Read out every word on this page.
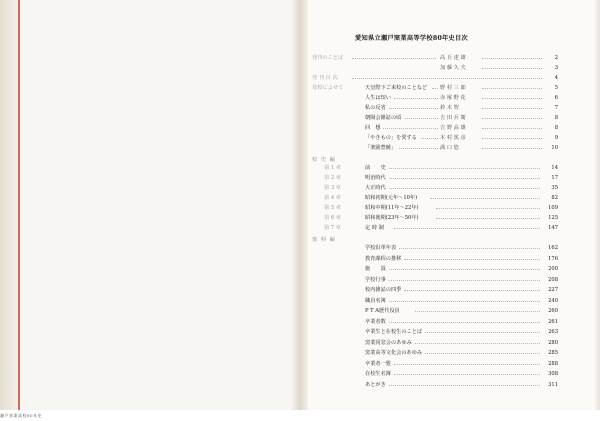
瀬戸窯業高校80年史
愛知県立瀬戸窯業高等学校80年史目次
発刊のことば	高 丘 達 雄	2
加 藤 久 夫	3
発 刊 目 次	4
母校によせて	天皇陛下ご来校のことなど 野 村 三 郎	5
人生は短い	赤 塚 野 花	6
私の反省	鈴 木 智	7
朝陽会雑誌の頃	吉 田 兵 衛	8
回　想	吉 野 高 雄	8
「やきもの」を愛する	木 村 篤 彦	9
「楽園豊饒」	満 口 悠	10
校 史 編
第 1 章	前　　史	14
第 2 章	明治時代	17
第 3 章	大正時代	35
第 4 章	昭和初期(元年～10年)	82
第 5 章	昭和中期(11年～22年)	109
第 6 章	昭和後期(23年～50年)	125
第 7 章	定 時 制	147
資 料 編
学校沿革年表	162
教育課程の推移	176
施　　設	200
学校行事	208
校内雑誌の四季	227
職員名簿	240
P T A歴代役員	260
卒業者数	261
卒業生と在校生のことば	263
窯業同窓会のあゆみ	280
窯業高等文化会のあゆみ	285
卒業者一覧	288
在校生名簿	308
あとがき	311
